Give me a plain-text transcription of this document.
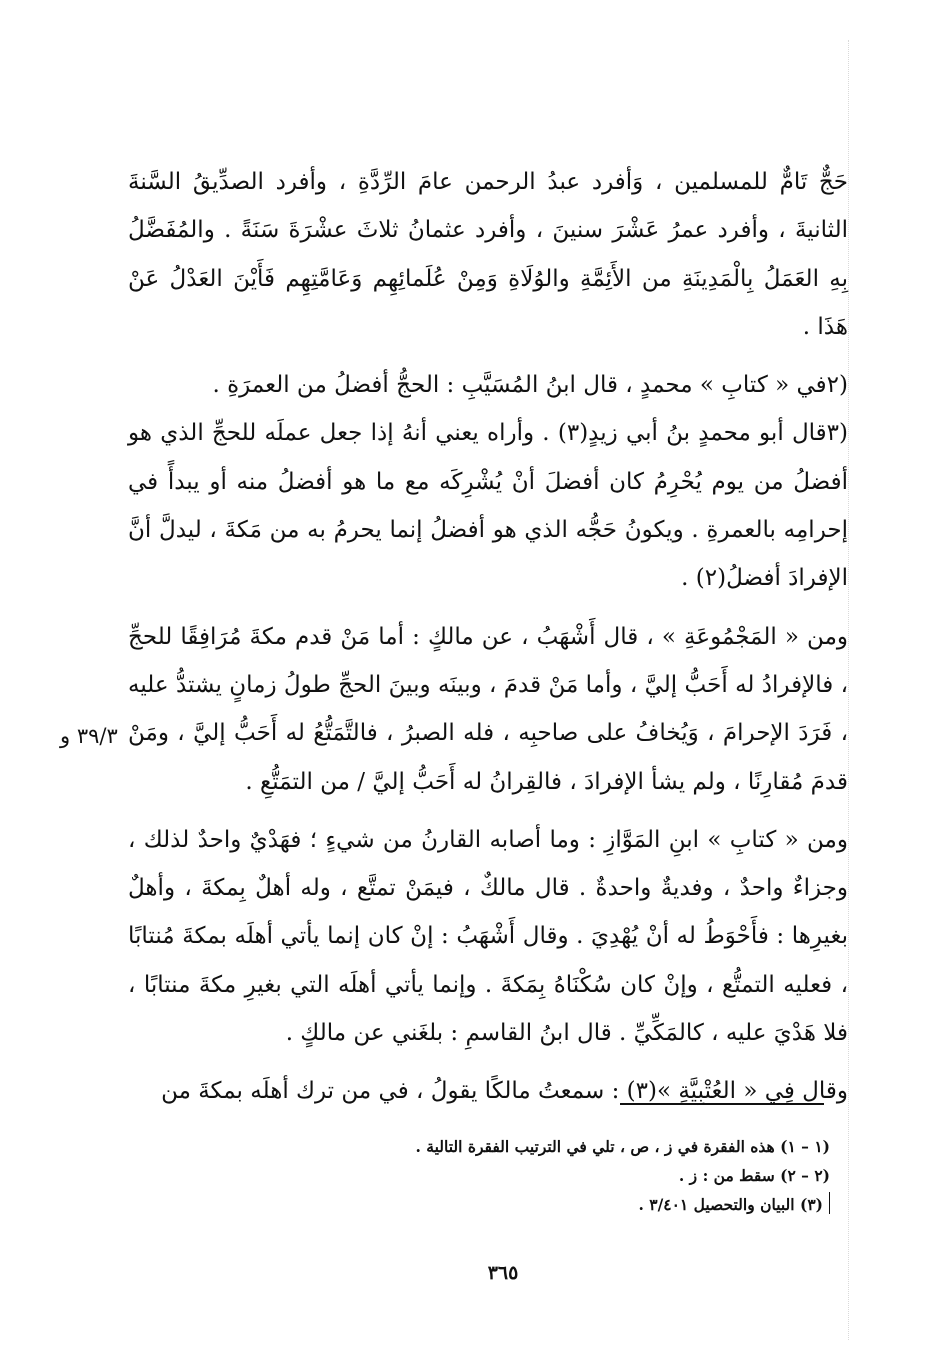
حَجٌّ تَامٌّ للمسلمين ، وَأفرد عبدُ الرحمن عامَ الرِّدَّةِ ، وأفرد الصدِّيقُ السَّنةَ الثانيةَ ، وأفرد عمرُ عَشْرَ سنينَ ، وأفرد عثمانُ ثلاثَ عشْرَةَ سَنَةً . والمُفَضَّلُ بِهِ العَمَلُ بِالْمَدِينَةِ من الأَئِمَّةِ والوُلَاةِ وَمِنْ عُلَمائِهِم وَعَامَّتِهِم فَأَيْنَ العَدْلُ عَنْ هَذَا .

(٢في « كتابِ » محمدٍ ، قال ابنُ المُسَيَّبِ : الحجُّ أفضلُ من العمرَةِ .

(٣قال أبو محمدٍ بنُ أبي زيدٍ(٣) . وأراه يعني أنهُ إذا جعل عملَه للحجِّ الذي هو أفضلُ من يوم يُحْرِمُ كان أفضلَ أنْ يُشْرِكَه مع ما هو أفضلُ منه أو يبدأً في إحرامِه بالعمرةِ . ويكونُ حَجُّه الذي هو أفضلُ إنما يحرمُ به من مَكةَ ، ليدلَّ أنَّ الإفرادَ أفضلُ(٢) .

ومن « المَجْمُوعَةِ » ، قال أَشْهَبُ ، عن مالكٍ : أما مَنْ قدم مكةَ مُرَافِقًا للحجِّ ، فالإفرادُ له أَحَبُّ إليَّ ، وأما مَنْ قدمَ ، وبينَه وبينَ الحجِّ طولُ زمانٍ يشتدُّ عليه ، فَرَدَ الإحرامَ ، وَيُخافُ على صاحبِه ، فله الصبرُ ، فالتَّمَتُّعُ له أَحَبُّ إليَّ ، ومَنْ قدمَ مُقارِنًا ، ولم يشأ الإفرادَ ، فالقِرانُ له أَحَبُّ إليَّ / من التمَتُّعِ .

ومن « كتابِ » ابنِ المَوَّازِ : وما أصابه القارنُ من شيءٍ ؛ فهَدْيٌ واحدٌ لذلك ، وجزاءٌ واحدٌ ، وفديةٌ واحدةٌ . قال مالكٌ ، فيمَنْ تمتَّع ، وله أهلٌ بِمكةَ ، وأهلٌ بغيرِها : فأَحْوَطُ له أنْ يُهْدِيَ . وقال أَشْهَبُ : إنْ كان إنما يأتي أهلَه بمكةَ مُنتابًا ، فعليه التمتُّع ، وإنْ كان سُكْنَاهُ بِمَكةَ . وإنما يأتي أهلَه التي بغيرِ مكةَ منتابًا ، فلا هَدْيَ عليه ، كالمَكِّيِّ . قال ابنُ القاسمِ : بلغَني عن مالكٍ .

وقال فِي « العُتْبِيَّةِ »(٣) : سمعتُ مالكًا يقولُ ، في من ترك أهلَه بمكةَ من

٣٩/٣ و
(١ – ١) هذه الفقرة في ز ، ص ، تلي في الترتيب الفقرة التالية .
(٢ – ٢) سقط من : ز .
(٣) البيان والتحصيل ٣/٤٠١ .
٣٦٥
